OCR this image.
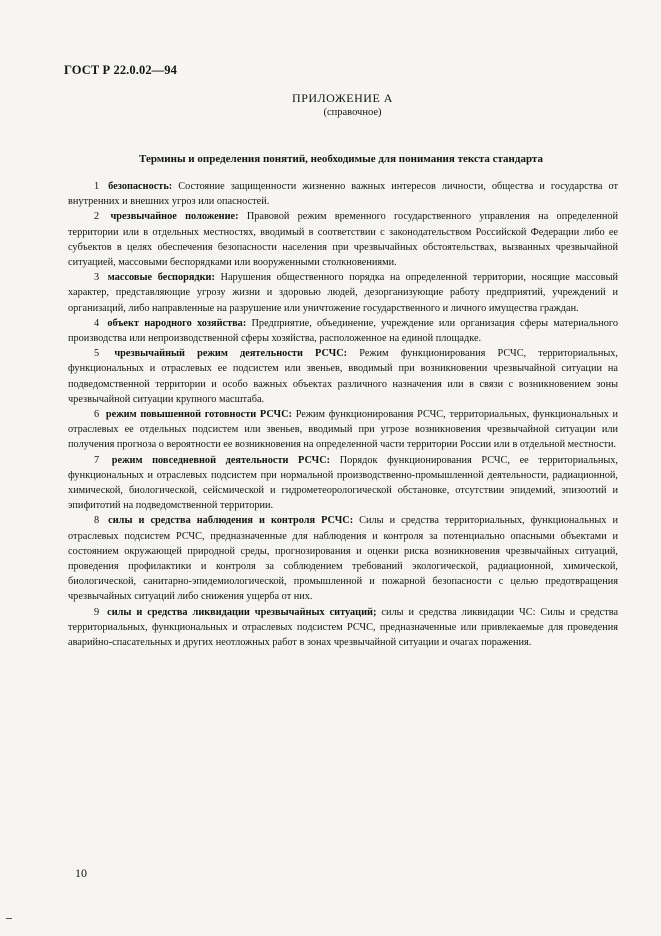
ГОСТ Р 22.0.02—94
ПРИЛОЖЕНИЕ А
(справочное)
Термины и определения понятий, необходимые для понимания текста стандарта

1 безопасность: Состояние защищенности жизненно важных интересов личности, общества и государства от внутренних и внешних угроз или опасностей.

2 чрезвычайное положение: Правовой режим временного государственного управления на определенной территории или в отдельных местностях, вводимый в соответствии с законодательством Российской Федерации либо ее субъектов в целях обеспечения безопасности населения при чрезвычайных обстоятельствах, вызванных чрезвычайной ситуацией, массовыми беспорядками или вооруженными столкновениями.

3 массовые беспорядки: Нарушения общественного порядка на определенной территории, носящие массовый характер, представляющие угрозу жизни и здоровью людей, дезорганизующие работу предприятий, учреждений и организаций, либо направленные на разрушение или уничтожение государственного и личного имущества граждан.

4 объект народного хозяйства: Предприятие, объединение, учреждение или организация сферы материального производства или непроизводственной сферы хозяйства, расположенное на единой площадке.

5 чрезвычайный режим деятельности РСЧС: Режим функционирования РСЧС, территориальных, функциональных и отраслевых ее подсистем или звеньев, вводимый при возникновении чрезвычайной ситуации на подведомственной территории и особо важных объектах различного назначения или в связи с возникновением зоны чрезвычайной ситуации крупного масштаба.

6 режим повышенной готовности РСЧС: Режим функционирования РСЧС, территориальных, функциональных и отраслевых ее отдельных подсистем или звеньев, вводимый при угрозе возникновения чрезвычайной ситуации или получения прогноза о вероятности ее возникновения на определенной части территории России или в отдельной местности.

7 режим повседневной деятельности РСЧС: Порядок функционирования РСЧС, ее территориальных, функциональных и отраслевых подсистем при нормальной производственно-промышленной деятельности, радиационной, химической, биологической, сейсмической и гидрометеорологической обстановке, отсутствии эпидемий, эпизоотий и эпифитотий на подведомственной территории.

8 силы и средства наблюдения и контроля РСЧС: Силы и средства территориальных, функциональных и отраслевых подсистем РСЧС, предназначенные для наблюдения и контроля за потенциально опасными объектами и состоянием окружающей природной среды, прогнозирования и оценки риска возникновения чрезвычайных ситуаций, проведения профилактики и контроля за соблюдением требований экологической, радиационной, химической, биологической, санитарно-эпидемиологической, промышленной и пожарной безопасности с целью предотвращения чрезвычайных ситуаций либо снижения ущерба от них.

9 силы и средства ликвидации чрезвычайных ситуаций; силы и средства ликвидации ЧС: Силы и средства территориальных, функциональных и отраслевых подсистем РСЧС, предназначенные или привлекаемые для проведения аварийно-спасательных и других неотложных работ в зонах чрезвычайной ситуации и очагах поражения.

10
